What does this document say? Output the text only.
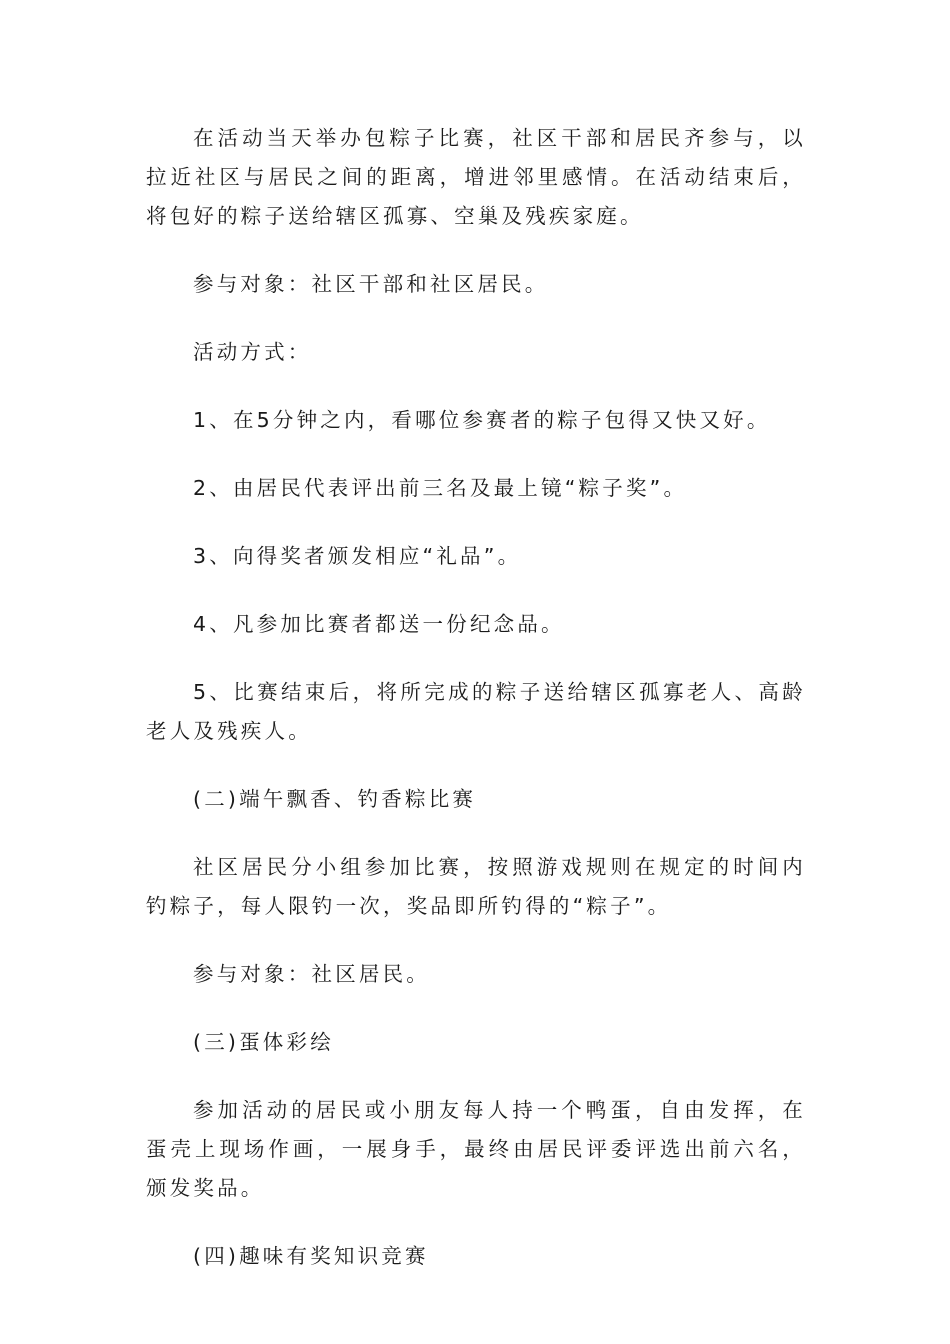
在活动当天举办包粽子比赛，社区干部和居民齐参与，以拉近社区与居民之间的距离，增进邻里感情。在活动结束后，将包好的粽子送给辖区孤寡、空巢及残疾家庭。

参与对象：社区干部和社区居民。

活动方式：

1、在5分钟之内，看哪位参赛者的粽子包得又快又好。

2、由居民代表评出前三名及最上镜“粽子奖”。

3、向得奖者颁发相应“礼品”。

4、凡参加比赛者都送一份纪念品。

5、比赛结束后，将所完成的粽子送给辖区孤寡老人、高龄老人及残疾人。

(二)端午飘香、钓香粽比赛

社区居民分小组参加比赛，按照游戏规则在规定的时间内钓粽子，每人限钓一次，奖品即所钓得的“粽子”。

参与对象：社区居民。

(三)蛋体彩绘

参加活动的居民或小朋友每人持一个鸭蛋，自由发挥，在蛋壳上现场作画，一展身手，最终由居民评委评选出前六名，颁发奖品。

(四)趣味有奖知识竞赛
